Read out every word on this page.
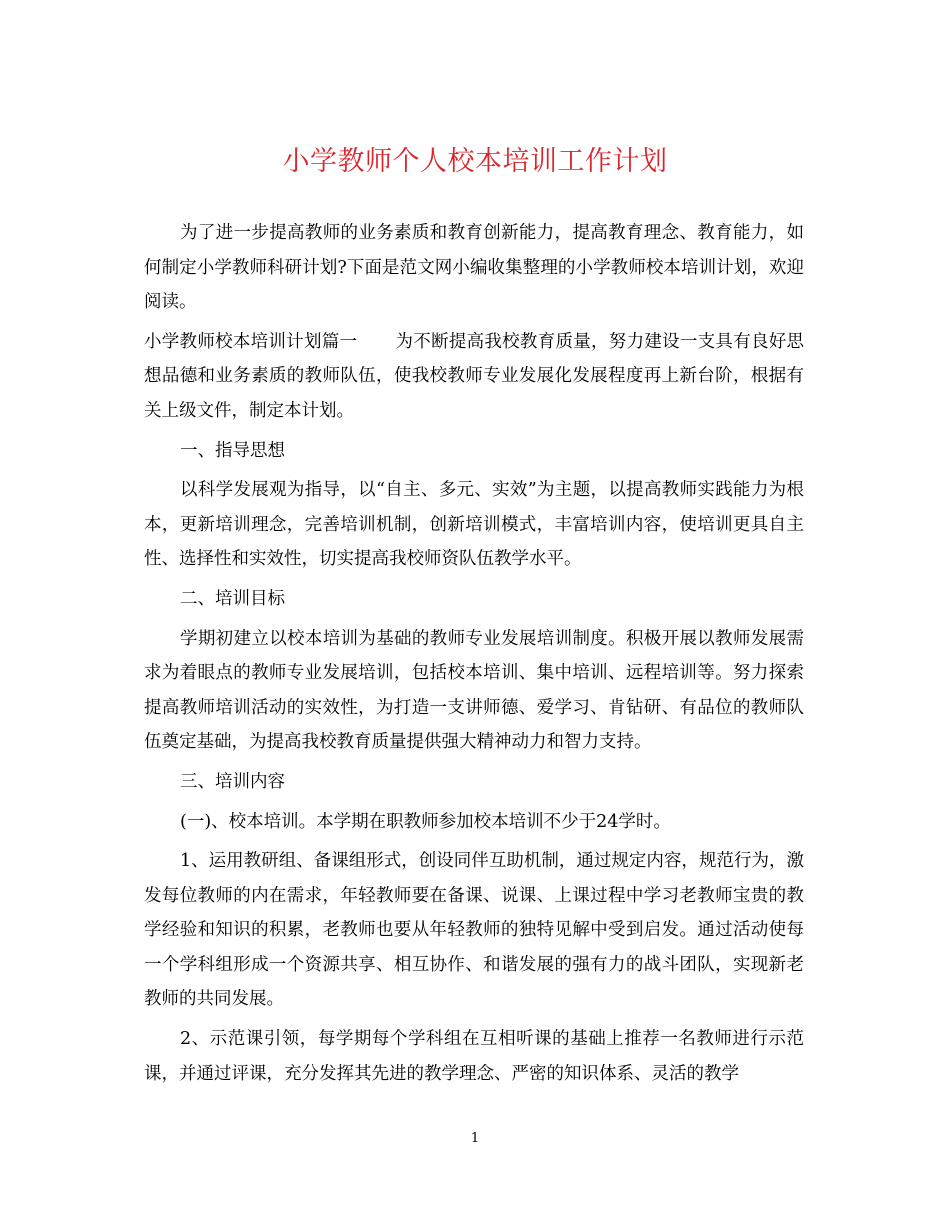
小学教师个人校本培训工作计划

为了进一步提高教师的业务素质和教育创新能力，提高教育理念、教育能力，如何制定小学教师科研计划?下面是范文网小编收集整理的小学教师校本培训计划，欢迎阅读。

小学教师校本培训计划篇一 为不断提高我校教育质量，努力建设一支具有良好思想品德和业务素质的教师队伍，使我校教师专业发展化发展程度再上新台阶，根据有关上级文件，制定本计划。

一、指导思想

以科学发展观为指导，以“自主、多元、实效”为主题，以提高教师实践能力为根本，更新培训理念，完善培训机制，创新培训模式，丰富培训内容，使培训更具自主性、选择性和实效性，切实提高我校师资队伍教学水平。

二、培训目标

学期初建立以校本培训为基础的教师专业发展培训制度。积极开展以教师发展需求为着眼点的教师专业发展培训，包括校本培训、集中培训、远程培训等。努力探索提高教师培训活动的实效性，为打造一支讲师德、爱学习、肯钻研、有品位的教师队伍奠定基础，为提高我校教育质量提供强大精神动力和智力支持。

三、培训内容

(一)、校本培训。本学期在职教师参加校本培训不少于24学时。

1、运用教研组、备课组形式，创设同伴互助机制，通过规定内容，规范行为，激发每位教师的内在需求，年轻教师要在备课、说课、上课过程中学习老教师宝贵的教学经验和知识的积累，老教师也要从年轻教师的独特见解中受到启发。通过活动使每一个学科组形成一个资源共享、相互协作、和谐发展的强有力的战斗团队，实现新老教师的共同发展。

2、示范课引领，每学期每个学科组在互相听课的基础上推荐一名教师进行示范课，并通过评课，充分发挥其先进的教学理念、严密的知识体系、灵活的教学

1
